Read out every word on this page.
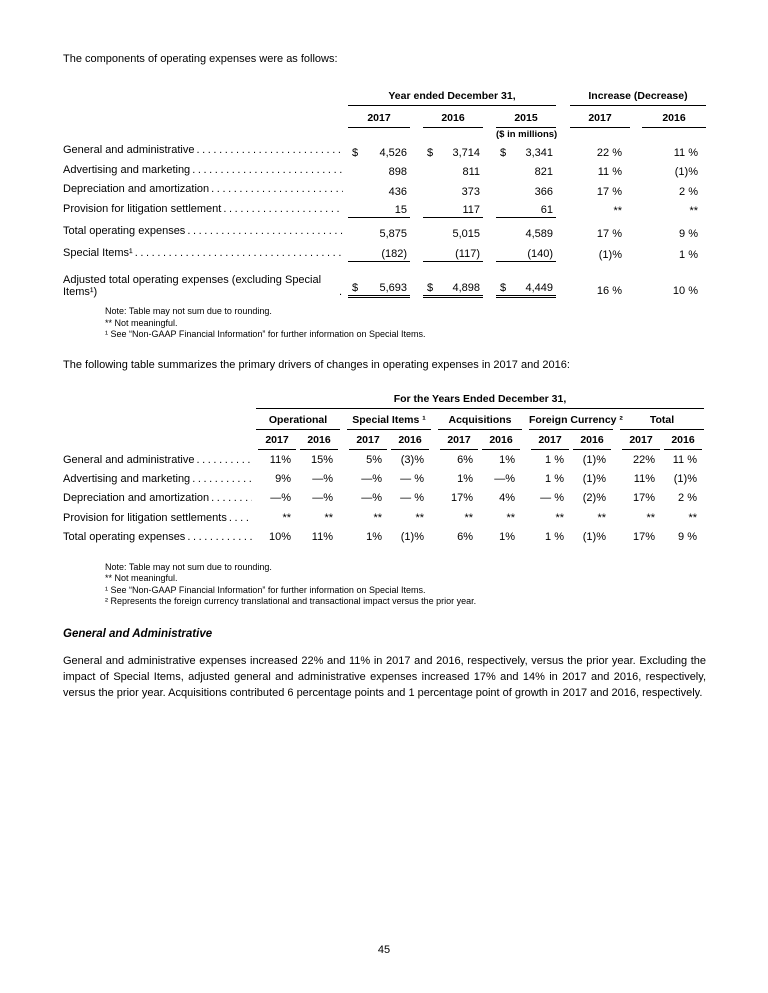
The components of operating expenses were as follows:

Year ended December 31,	Increase (Decrease)
2017	2016	2015	2017	2016
($ in millions)
General and administrative .....	$ 4,526 $ 3,714 $ 3,341	22 %	11 %
Advertising and marketing .....	898	811	821	11 %	(1)%
Depreciation and amortization .....	436	373	366	17 %	2 %
Provision for litigation settlement .....	15	117	61	**	**
Total operating expenses .....	5,875	5,015	4,589	17 %	9 %
Special Items¹ .....	(182)	(117)	(140)	(1)%	1 %
Adjusted total operating expenses (excluding Special Items¹) .....	$ 5,693 $ 4,898 $ 4,449	16 %	10 %
Note: Table may not sum due to rounding.
** Not meaningful.
¹ See “Non-GAAP Financial Information” for further information on Special Items.

The following table summarizes the primary drivers of changes in operating expenses in 2017 and 2016:

For the Years Ended December 31,
Operational	Special Items ¹	Acquisitions	Foreign Currency ²	Total
2017	2016	2017	2016	2017	2016	2017	2016	2017	2016
General and administrative .....	11%	15%	5%	(3)%	6%	1%	1 %	(1)%	22%	11 %
Advertising and marketing .....	9%	—%	—%	— %	1%	—%	1 %	(1)%	11%	(1)%
Depreciation and amortization .....	—%	—%	—%	— %	17%	4%	— %	(2)%	17%	2 %
Provision for litigation settlements .....	**	**	**	**	**	**	**	**	**	**
Total operating expenses .....	10%	11%	1%	(1)%	6%	1%	1 %	(1)%	17%	9 %
Note: Table may not sum due to rounding.
** Not meaningful.
¹ See “Non-GAAP Financial Information” for further information on Special Items.
² Represents the foreign currency translational and transactional impact versus the prior year.
General and Administrative

General and administrative expenses increased 22% and 11% in 2017 and 2016, respectively, versus the prior year. Excluding the impact of Special Items, adjusted general and administrative expenses increased 17% and 14% in 2017 and 2016, respectively, versus the prior year. Acquisitions contributed 6 percentage points and 1 percentage point of growth in 2017 and 2016, respectively.

45
